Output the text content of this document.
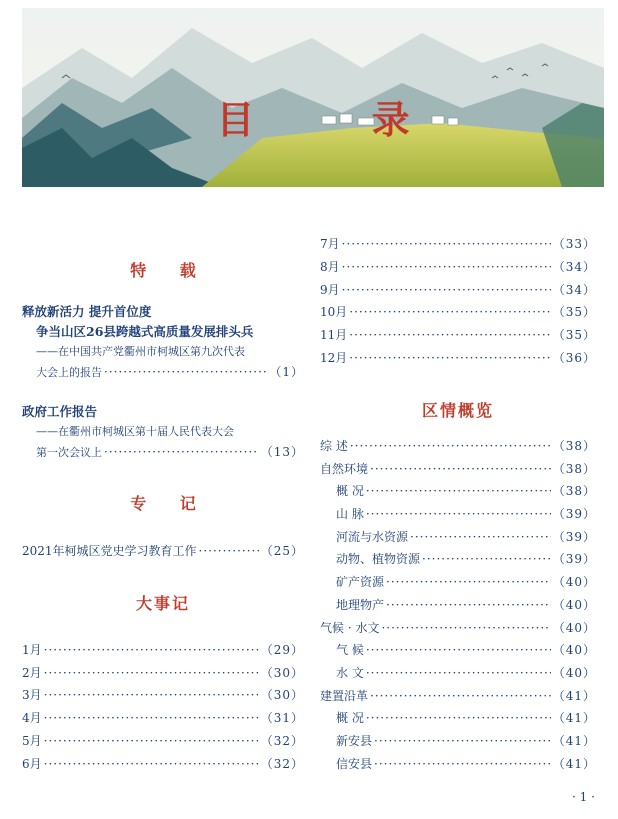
目 录
特 载
释放新活力 提升首位度
争当山区26县跨越式高质量发展排头兵
——在中国共产党衢州市柯城区第九次代表
大会上的报告 ·····	（1）
政府工作报告
——在衢州市柯城区第十届人民代表大会
第一次会议上 ·····	（13）
专 记
2021年柯城区党史学习教育工作 ·····	（25）
大事记
1月 ·····	（29）
2月 ·····	（30）
3月 ·····	（30）
4月 ·····	（31）
5月 ·····	（32）
6月 ·····	（32）
7月 ·····	（33）
8月 ·····	（34）
9月 ·····	（34）
10月 ·····	（35）
11月 ·····	（35）
12月 ·····	（36）
区情概览
综 述 ·····	（38）
自然环境 ·····	（38）
概 况 ·····	（38）
山 脉 ·····	（39）
河流与水资源 ·····	（39）
动物、植物资源 ·····	（39）
矿产资源 ·····	（40）
地理物产 ·····	（40）
气候 · 水文 ·····	（40）
气 候 ·····	（40）
水 文 ·····	（40）
建置沿革 ·····	（41）
概 况 ·····	（41）
新安县 ·····	（41）
信安县 ·····	（41）
· 1 ·
